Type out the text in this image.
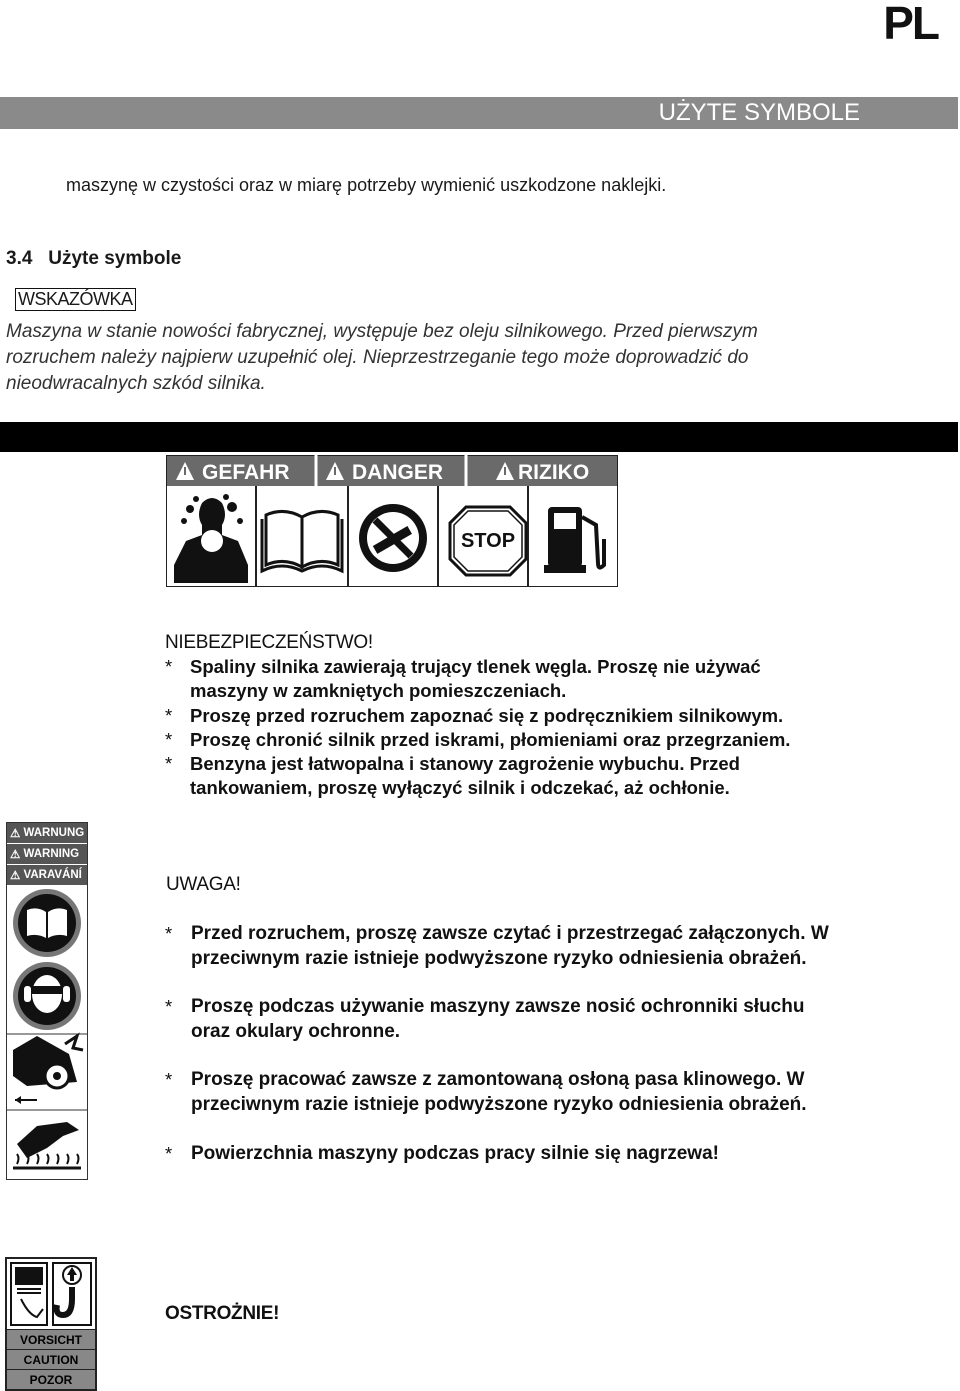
PL
UŻYTE SYMBOLE
maszynę w czystości oraz w miarę potrzeby wymienić uszkodzone naklejki.
3.4 Użyte symbole
WSKAZÓWKA
Maszyna w stanie nowości fabrycznej, występuje bez oleju silnikowego. Przed pierwszym
rozruchem należy najpierw uzupełnić olej. Nieprzestrzeganie tego może doprowadzić do
nieodwracalnych szkód silnika.
GEFAHR	DANGER	RIZIKO
STOP
NIEBEZPIECZEŃSTWO!
* Spaliny silnika zawierają trujący tlenek węgla. Proszę nie używać
maszyny w zamkniętych pomieszczeniach.
* Proszę przed rozruchem zapoznać się z podręcznikiem silnikowym.
* Proszę chronić silnik przed iskrami, płomieniami oraz przegrzaniem.
* Benzyna jest łatwopalna i stanowy zagrożenie wybuchu. Przed
tankowaniem, proszę wyłączyć silnik i odczekać, aż ochłonie.
⚠ WARNUNG
⚠ WARNING
⚠ VARAVÁNÍ	UWAGA!
* Przed rozruchem, proszę zawsze czytać i przestrzegać załączonych. W
przeciwnym razie istnieje podwyższone ryzyko odniesienia obrażeń.
* Proszę podczas używanie maszyny zawsze nosić ochronniki słuchu
oraz okulary ochronne.
* Proszę pracować zawsze z zamontowaną osłoną pasa klinowego. W
przeciwnym razie istnieje podwyższone ryzyko odniesienia obrażeń.
* Powierzchnia maszyny podczas pracy silnie się nagrzewa!
VORSICHT
CAUTION
POZOR
OSTROŻNIE!
